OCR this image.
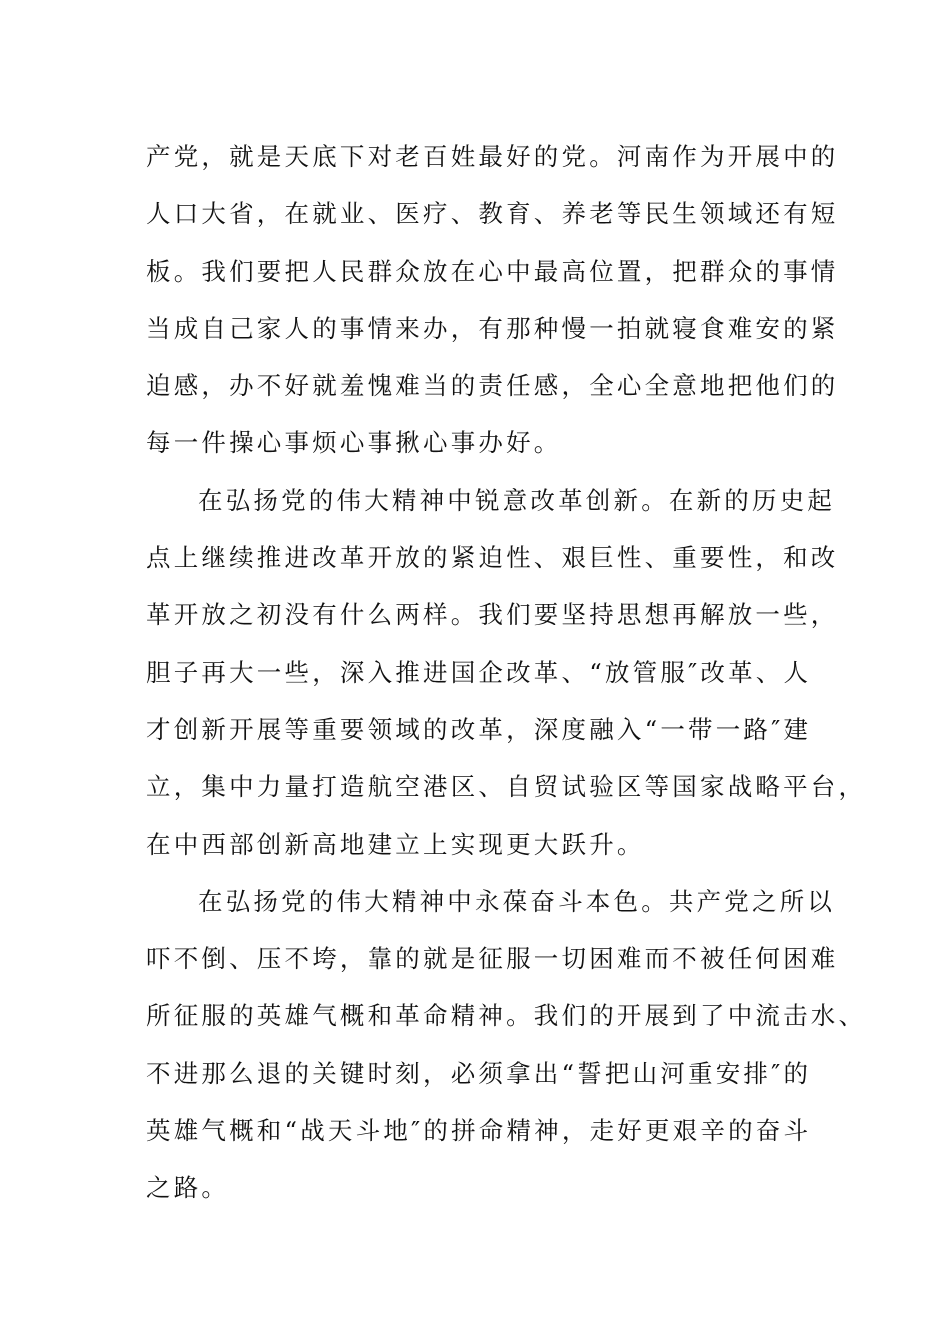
产党，就是天底下对老百姓最好的党。河南作为开展中的
人口大省，在就业、医疗、教育、养老等民生领域还有短
板。我们要把人民群众放在心中最高位置，把群众的事情
当成自己家人的事情来办，有那种慢一拍就寝食难安的紧
迫感，办不好就羞愧难当的责任感，全心全意地把他们的
每一件操心事烦心事揪心事办好。
在弘扬党的伟大精神中锐意改革创新。在新的历史起
点上继续推进改革开放的紧迫性、艰巨性、重要性，和改
革开放之初没有什么两样。我们要坚持思想再解放一些，
胆子再大一些，深入推进国企改革、“放管服″改革、人
才创新开展等重要领域的改革，深度融入“一带一路″建
立，集中力量打造航空港区、自贸试验区等国家战略平台，
在中西部创新高地建立上实现更大跃升。
在弘扬党的伟大精神中永葆奋斗本色。共产党之所以
吓不倒、压不垮，靠的就是征服一切困难而不被任何困难
所征服的英雄气概和革命精神。我们的开展到了中流击水、
不进那么退的关键时刻，必须拿出“誓把山河重安排″的
英雄气概和“战天斗地″的拼命精神，走好更艰辛的奋斗
之路。
